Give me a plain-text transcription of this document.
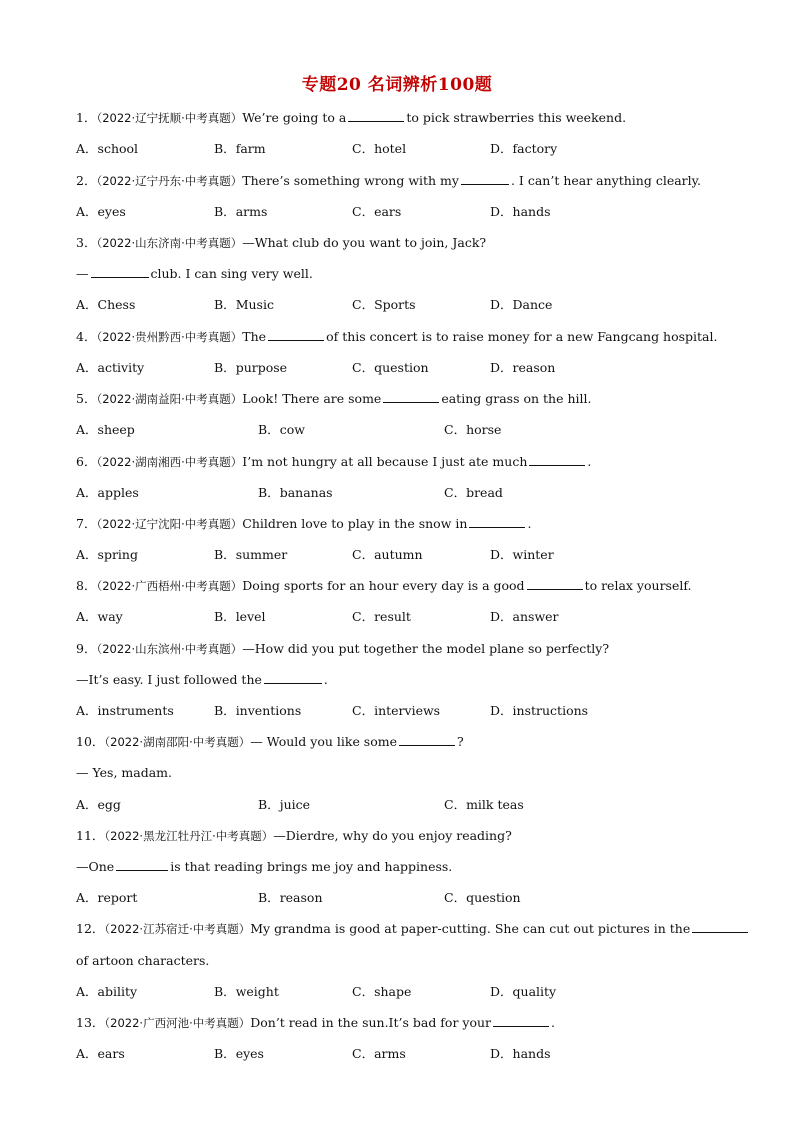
专题20 名词辨析100题
1．（2022·辽宁抚顺·中考真题）We’re going to a	to pick strawberries this weekend.
A．school	B．farm	C．hotel	D．factory
2．（2022·辽宁丹东·中考真题）There’s something wrong with my	. I can’t hear anything clearly.
A．eyes	B．arms	C．ears	D．hands
3．（2022·山东济南·中考真题）—What club do you want to join, Jack?
—	club. I can sing very well.
A．Chess	B．Music	C．Sports	D．Dance
4．（2022·贵州黔西·中考真题）The	of this concert is to raise money for a new Fangcang hospital.
A．activity	B．purpose	C．question	D．reason
5．（2022·湖南益阳·中考真题）Look! There are some	eating grass on the hill.
A．sheep	B．cow	C．horse
6．（2022·湖南湘西·中考真题）I’m not hungry at all because I just ate much	.
A．apples	B．bananas	C．bread
7．（2022·辽宁沈阳·中考真题）Children love to play in the snow in	.
A．spring	B．summer	C．autumn	D．winter
8．（2022·广西梧州·中考真题）Doing sports for an hour every day is a good	to relax yourself.
A．way	B．level	C．result	D．answer
9．（2022·山东滨州·中考真题）—How did you put together the model plane so perfectly?
—It’s easy. I just followed the	.
A．instruments	B．inventions	C．interviews	D．instructions
10．（2022·湖南邵阳·中考真题）— Would you like some	?
— Yes, madam.
A．egg	B．juice	C．milk teas
11．（2022·黑龙江牡丹江·中考真题）—Dierdre, why do you enjoy reading?
—One	is that reading brings me joy and happiness.
A．report	B．reason	C．question
12．（2022·江苏宿迁·中考真题）My grandma is good at paper-cutting. She can cut out pictures in the
of artoon characters.
A．ability	B．weight	C．shape	D．quality
13．（2022·广西河池·中考真题）Don’t read in the sun.It’s bad for your	.
A．ears	B．eyes	C．arms	D．hands
